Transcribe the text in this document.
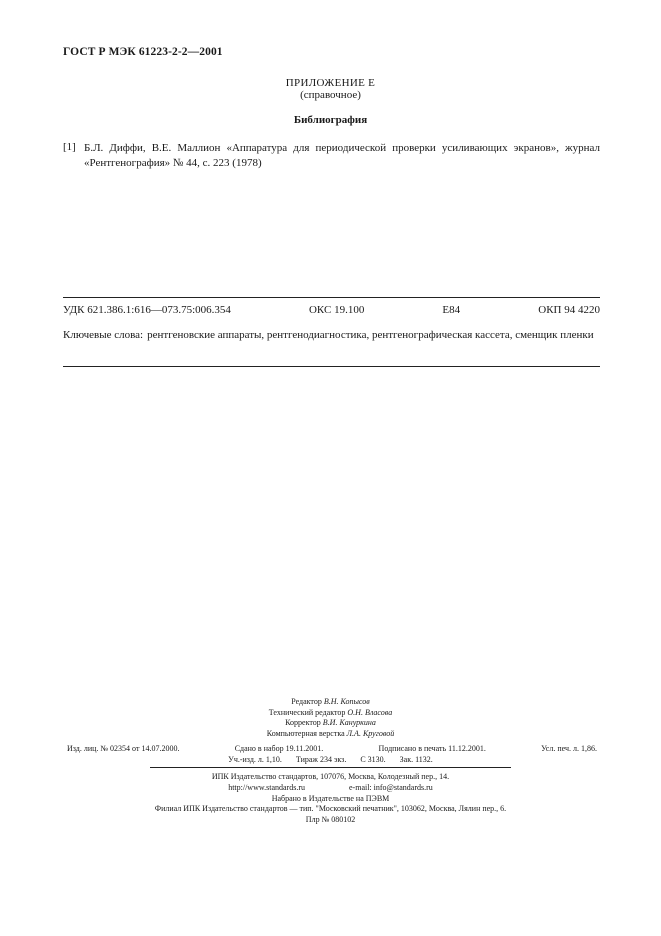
ГОСТ Р МЭК 61223-2-2—2001
ПРИЛОЖЕНИЕ Е
(справочное)
Библиография
[1] Б.Л. Диффи, В.Е. Маллион «Аппаратура для периодической проверки усиливающих экранов», журнал «Рентгенография» № 44, с. 223 (1978)
УДК 621.386.1:616—073.75:006.354	ОКС 19.100	Е84	ОКП 94 4220
Ключевые слова: рентгеновские аппараты, рентгенодиагностика, рентгенографическая кассета, сменщик пленки
Редактор В.Н. Копысов
Технический редактор О.Н. Власова
Корректор В.И. Кануркина
Компьютерная верстка Л.А. Круговой
Изд. лиц. № 02354 от 14.07.2000.	Сдано в набор 19.11.2001.	Подписано в печать 11.12.2001.	Усл. печ. л. 1,86.
Уч.-изд. л. 1,10. Тираж 234 экз. С 3130. Зак. 1132.
ИПК Издательство стандартов, 107076, Москва, Колодезный пер., 14.
http://www.standards.ru	e-mail: info@standards.ru
Набрано в Издательстве на ПЭВМ
Филиал ИПК Издательство стандартов — тип. "Московский печатник", 103062, Москва, Лялин пер., 6.
Плр № 080102
